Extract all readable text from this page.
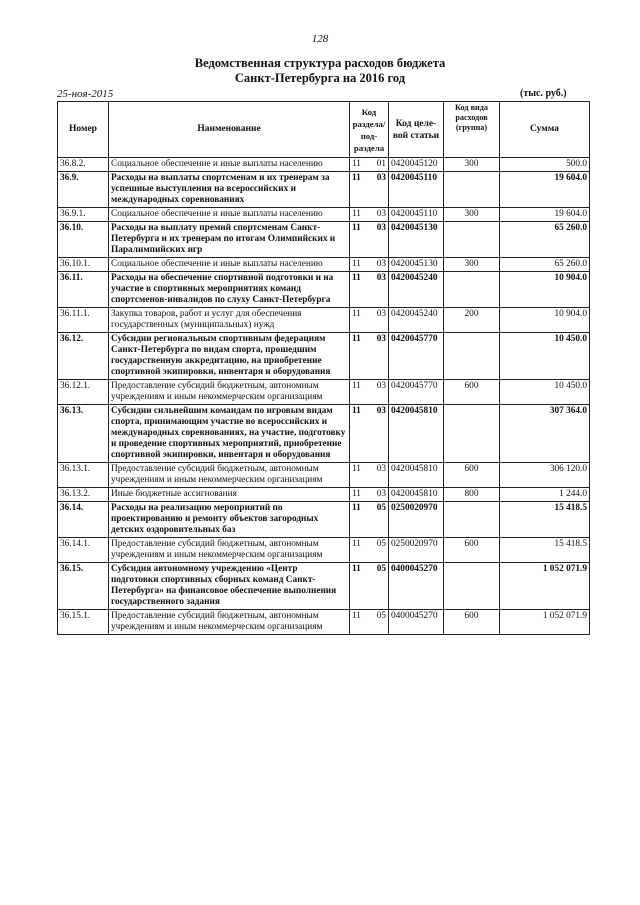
128
Ведомственная структура расходов бюджета
Санкт-Петербурга на 2016 год
25-ноя-2015	(тыс. руб.)
Номер	Наименование	Код раздела/ под-раздела		Код целе-вой статьи	Код вида расходов (группа)	Сумма
36.8.2.	Социальное обеспечение и иные выплаты населению	11	01	0420045120	300	500.0
36.9.	Расходы на выплаты спортсменам и их тренерам за успешные выступления на всероссийских и международных соревнованиях	11	03	0420045110		19 604.0
36.9.1.	Социальное обеспечение и иные выплаты населению	11	03	0420045110	300	19 604.0
36.10.	Расходы на выплату премий спортсменам Санкт-Петербурга и их тренерам по итогам Олимпийских и Паралимпийских игр	11	03	0420045130		65 260.0
36.10.1.	Социальное обеспечение и иные выплаты населению	11	03	0420045130	300	65 260.0
36.11.	Расходы на обеспечение спортивной подготовки и на участие в спортивных мероприятиях команд спортсменов-инвалидов по слуху Санкт-Петербурга	11	03	0420045240		10 904.0
36.11.1.	Закупка товаров, работ и услуг для обеспечения государственных (муниципальных) нужд	11	03	0420045240	200	10 904.0
36.12.	Субсидии региональным спортивным федерациям Санкт-Петербурга по видам спорта, прошедшим государственную аккредитацию, на приобретение спортивной экипировки, инвентаря и оборудования	11	03	0420045770		10 450.0
36.12.1.	Предоставление субсидий бюджетным, автономным учреждениям и иным некоммерческим организациям	11	03	0420045770	600	10 450.0
36.13.	Субсидии сильнейшим командам по игровым видам спорта, принимающим участие во всероссийских и международных соревнованиях, на участие, подготовку и проведение спортивных мероприятий, приобретение спортивной экипировки, инвентаря и оборудования	11	03	0420045810		307 364.0
36.13.1.	Предоставление субсидий бюджетным, автономным учреждениям и иным некоммерческим организациям	11	03	0420045810	600	306 120.0
36.13.2.	Иные бюджетные ассигнования	11	03	0420045810	800	1 244.0
36.14.	Расходы на реализацию мероприятий по проектированию и ремонту объектов загородных детских оздоровительных баз	11	05	0250020970		15 418.5
36.14.1.	Предоставление субсидий бюджетным, автономным учреждениям и иным некоммерческим организациям	11	05	0250020970	600	15 418.5
36.15.	Субсидия автономному учреждению «Центр подготовки спортивных сборных команд Санкт-Петербурга» на финансовое обеспечение выполнения государственного задания	11	05	0400045270		1 052 071.9
36.15.1.	Предоставление субсидий бюджетным, автономным учреждениям и иным некоммерческим организациям	11	05	0400045270	600	1 052 071.9
